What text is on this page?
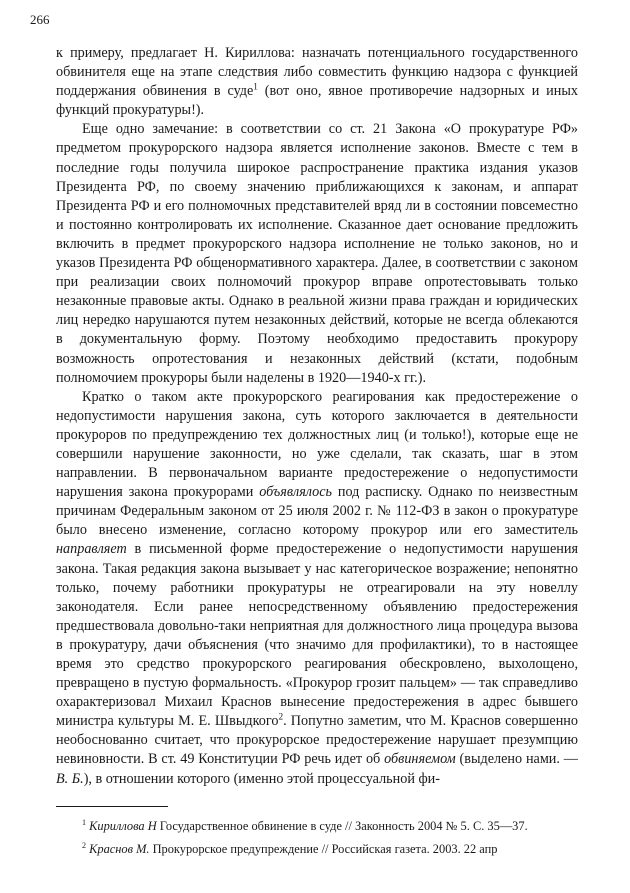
266

к примеру, предлагает Н. Кириллова: назначать потенциального государственного обвинителя еще на этапе следствия либо совместить функцию надзора с функцией поддержания обвинения в суде$^1$ (вот оно, явное противоречие надзорных и иных функций прокуратуры!).

Еще одно замечание: в соответствии со ст. 21 Закона «О прокуратуре РФ» предметом прокурорского надзора является исполнение законов. Вместе с тем в последние годы получила широкое распространение практика издания указов Президента РФ, по своему значению приближающихся к законам, и аппарат Президента РФ и его полномочных представителей вряд ли в состоянии повсеместно и постоянно контролировать их исполнение. Сказанное дает основание предложить включить в предмет прокурорского надзора исполнение не только законов, но и указов Президента РФ общенормативного характера. Далее, в соответствии с законом при реализации своих полномочий прокурор вправе опротестовывать только незаконные правовые акты. Однако в реальной жизни права граждан и юридических лиц нередко нарушаются путем незаконных действий, которые не всегда облекаются в документальную форму. Поэтому необходимо предоставить прокурору возможность опротестования и незаконных действий (кстати, подобным полномочием прокуроры были наделены в 1920—1940-х гг.).

Кратко о таком акте прокурорского реагирования как предостережение о недопустимости нарушения закона, суть которого заключается в деятельности прокуроров по предупреждению тех должностных лиц (и только!), которые еще не совершили нарушение законности, но уже сделали, так сказать, шаг в этом направлении. В первоначальном варианте предостережение о недопустимости нарушения закона прокурорами объявлялось под расписку. Однако по неизвестным причинам Федеральным законом от 25 июля 2002 г. № 112-ФЗ в закон о прокуратуре было внесено изменение, согласно которому прокурор или его заместитель направляет в письменной форме предостережение о недопустимости нарушения закона. Такая редакция закона вызывает у нас категорическое возражение; непонятно только, почему работники прокуратуры не отреагировали на эту новеллу законодателя. Если ранее непосредственному объявлению предостережения предшествовала довольно-таки неприятная для должностного лица процедура вызова в прокуратуру, дачи объяснения (что значимо для профилактики), то в настоящее время это средство прокурорского реагирования обескровлено, выхолощено, превращено в пустую формальность. «Прокурор грозит пальцем» — так справедливо охарактеризовал Михаил Краснов вынесение предостережения в адрес бывшего министра культуры М. Е. Швыдкого$^2$. Попутно заметим, что М. Краснов совершенно необоснованно считает, что прокурорское предостережение нарушает презумпцию невиновности. В ст. 49 Конституции РФ речь идет об обвиняемом (выделено нами. — В. Б.), в отношении которого (именно этой процессуальной фи-

$^1$ Кириллова Н Государственное обвинение в суде // Законность 2004 № 5. С. 35—37.

$^2$ Краснов М. Прокурорское предупреждение // Российская газета. 2003. 22 апр
